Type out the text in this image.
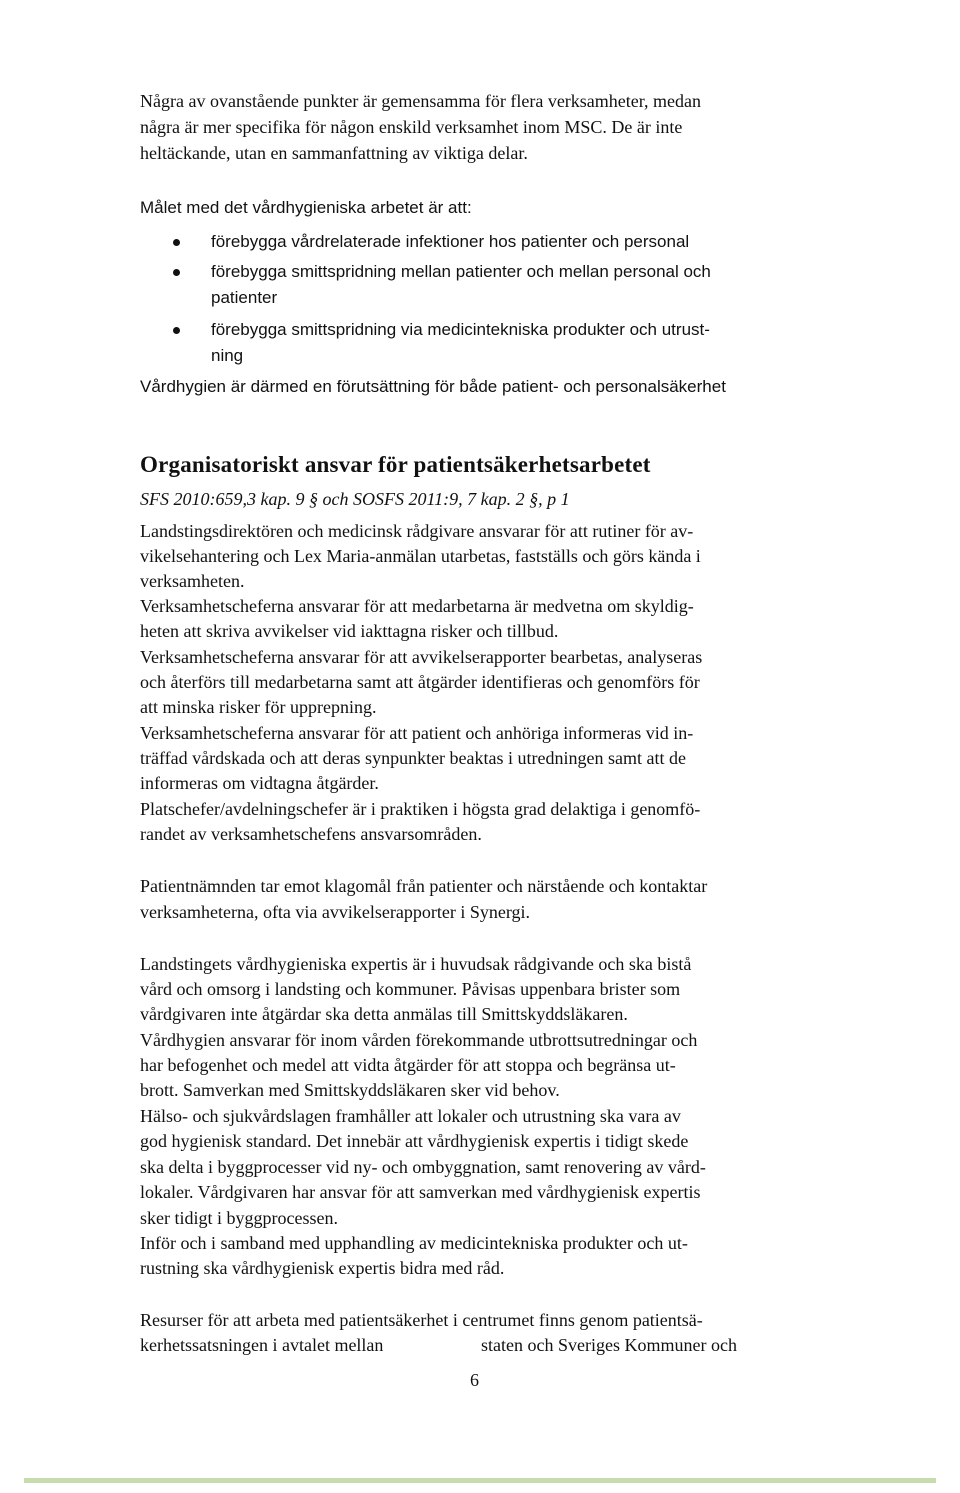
Några av ovanstående punkter är gemensamma för flera verksamheter, medan

några är mer specifika för någon enskild verksamhet inom MSC. De är inte

heltäckande, utan en sammanfattning av viktiga delar.

Målet med det vårdhygieniska arbetet är att:

förebygga vårdrelaterade infektioner hos patienter och personal

förebygga smittspridning mellan patienter och mellan personal och

patienter

förebygga smittspridning via medicintekniska produkter och utrust-

ning

Vårdhygien är därmed en förutsättning för både patient- och personalsäkerhet

Organisatoriskt ansvar för patientsäkerhetsarbetet

SFS 2010:659,3 kap. 9 § och SOSFS 2011:9, 7 kap. 2 §, p 1

Landstingsdirektören och medicinsk rådgivare ansvarar för att rutiner för av-

vikelsehantering och Lex Maria-anmälan utarbetas, fastställs och görs kända i

verksamheten.

Verksamhetscheferna ansvarar för att medarbetarna är medvetna om skyldig-

heten att skriva avvikelser vid iakttagna risker och tillbud.

Verksamhetscheferna ansvarar för att avvikelserapporter bearbetas, analyseras

och återförs till medarbetarna samt att åtgärder identifieras och genomförs för

att minska risker för upprepning.

Verksamhetscheferna ansvarar för att patient och anhöriga informeras vid in-

träffad vårdskada och att deras synpunkter beaktas i utredningen samt att de

informeras om vidtagna åtgärder.

Platschefer/avdelningschefer är i praktiken i högsta grad delaktiga i genomfö-

randet av verksamhetschefens ansvarsområden.

Patientnämnden tar emot klagomål från patienter och närstående och kontaktar

verksamheterna, ofta via avvikelserapporter i Synergi.

Landstingets vårdhygieniska expertis är i huvudsak rådgivande och ska bistå

vård och omsorg i landsting och kommuner. Påvisas uppenbara brister som

vårdgivaren inte åtgärdar ska detta anmälas till Smittskyddsläkaren.

Vårdhygien ansvarar för inom vården förekommande utbrottsutredningar och

har befogenhet och medel att vidta åtgärder för att stoppa och begränsa ut-

brott. Samverkan med Smittskyddsläkaren sker vid behov.

Hälso- och sjukvårdslagen framhåller att lokaler och utrustning ska vara av

god hygienisk standard. Det innebär att vårdhygienisk expertis i tidigt skede

ska delta i byggprocesser vid ny- och ombyggnation, samt renovering av vård-

lokaler. Vårdgivaren har ansvar för att samverkan med vårdhygienisk expertis

sker tidigt i byggprocessen.

Inför och i samband med upphandling av medicintekniska produkter och ut-

rustning ska vårdhygienisk expertis bidra med råd.

Resurser för att arbeta med patientsäkerhet i centrumet finns genom patientsä-

kerhetssatsningen i avtalet mellan	staten och Sveriges Kommuner och

6
